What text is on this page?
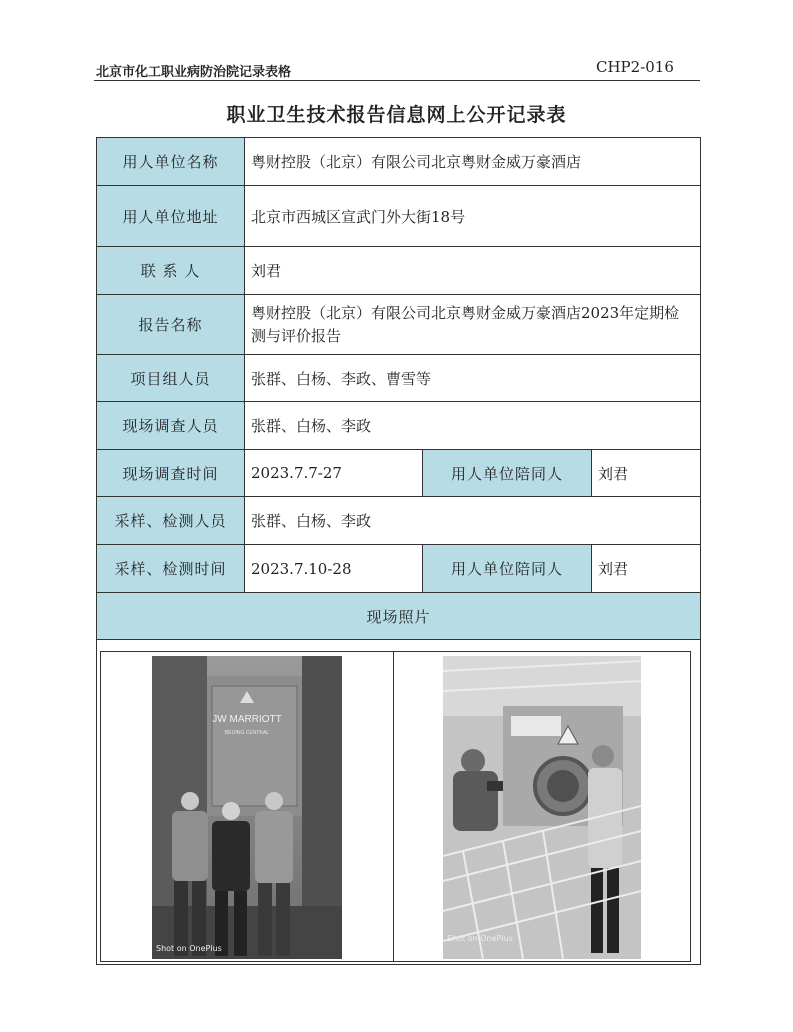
北京市化工职业病防治院记录表格	CHP2-016
职业卫生技术报告信息网上公开记录表
用人单位名称	粤财控股（北京）有限公司北京粤财金威万豪酒店		
用人单位地址	北京市西城区宣武门外大街18号		
联 系 人	刘君		
报告名称	粤财控股（北京）有限公司北京粤财金威万豪酒店2023年定期检测与评价报告		
项目组人员	张群、白杨、李政、曹雪等		
现场调查人员	张群、白杨、李政		
现场调查时间	2023.7.7-27	用人单位陪同人	刘君
采样、检测人员	张群、白杨、李政		
采样、检测时间	2023.7.10-28	用人单位陪同人	刘君
现场照片			

JW MARRIOTT
BEIJING CENTRAL
Shot on OnePlus
Shot on OnePlus			
